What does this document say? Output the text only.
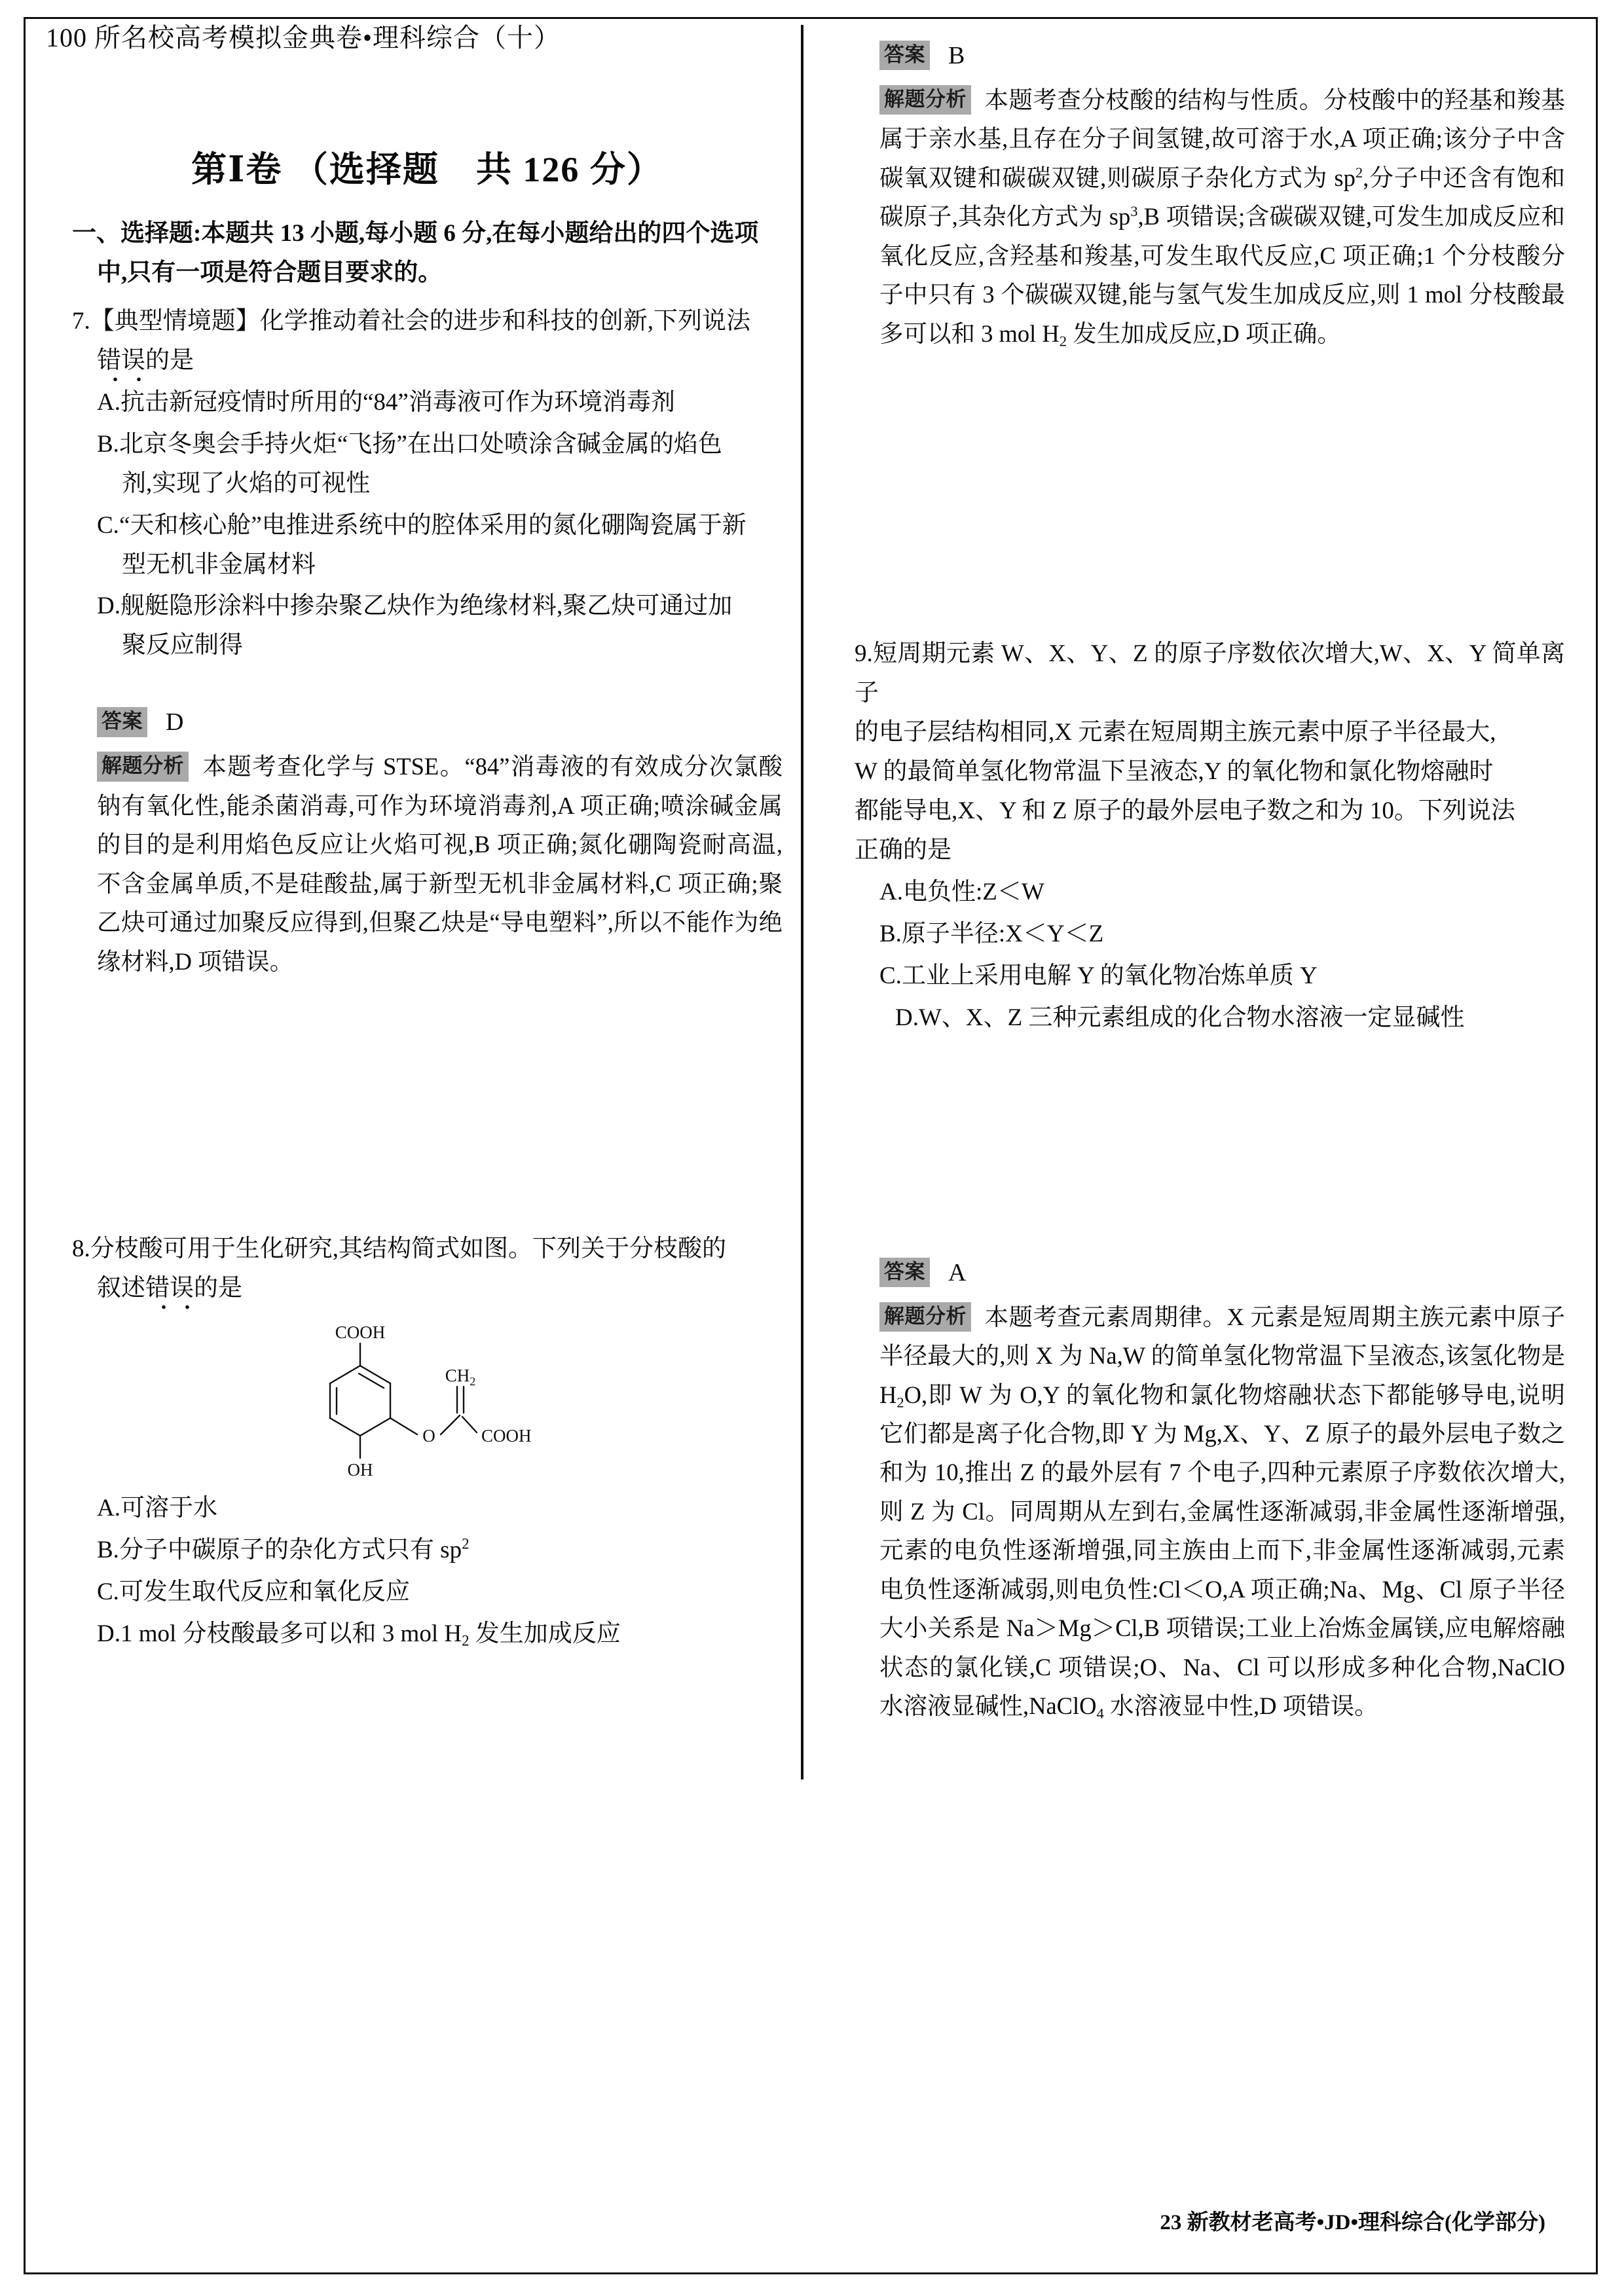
100 所名校高考模拟金典卷•理科综合（十）
第Ⅰ卷 （选择题　共 126 分）
一、选择题:本题共 13 小题,每小题 6 分,在每小题给出的四个选项
中,只有一项是符合题目要求的。
7.【典型情境题】化学推动着社会的进步和科技的创新,下列说法
错误的是
A.抗击新冠疫情时所用的“84”消毒液可作为环境消毒剂
B.北京冬奥会手持火炬“飞扬”在出口处喷涂含碱金属的焰色
剂,实现了火焰的可视性
C.“天和核心舱”电推进系统中的腔体采用的氮化硼陶瓷属于新
型无机非金属材料
D.舰艇隐形涂料中掺杂聚乙炔作为绝缘材料,聚乙炔可通过加
聚反应制得
答案 D
解题分析 本题考查化学与 STSE。“84”消毒液的有效成分次氯酸钠有氧化性,能杀菌消毒,可作为环境消毒剂,A 项正确;喷涂碱金属的目的是利用焰色反应让火焰可视,B 项正确;氮化硼陶瓷耐高温,不含金属单质,不是硅酸盐,属于新型无机非金属材料,C 项正确;聚乙炔可通过加聚反应得到,但聚乙炔是“导电塑料”,所以不能作为绝缘材料,D 项错误。
8.分枝酸可用于生化研究,其结构简式如图。下列关于分枝酸的
叙述错误的是
COOH
OH
O
$CH_2$
COOH
A.可溶于水
B.分子中碳原子的杂化方式只有 $sp^2$
C.可发生取代反应和氧化反应
D.1 mol 分枝酸最多可以和 3 mol $H_2$ 发生加成反应
答案 B
解题分析 本题考查分枝酸的结构与性质。分枝酸中的羟基和羧基属于亲水基,且存在分子间氢键,故可溶于水,A 项正确;该分子中含碳氧双键和碳碳双键,则碳原子杂化方式为 $sp^2$,分子中还含有饱和碳原子,其杂化方式为 $sp^3,B$ 项错误;含碳碳双键,可发生加成反应和氧化反应,含羟基和羧基,可发生取代反应,C 项正确;1 个分枝酸分子中只有 3 个碳碳双键,能与氢气发生加成反应,则 1 mol 分枝酸最多可以和 3 mol $H_2$ 发生加成反应,D 项正确。
9.短周期元素 W、X、Y、Z 的原子序数依次增大,W、X、Y 简单离子
的电子层结构相同,X 元素在短周期主族元素中原子半径最大,
W 的最简单氢化物常温下呈液态,Y 的氧化物和氯化物熔融时
都能导电,X、Y 和 Z 原子的最外层电子数之和为 10。下列说法
正确的是
A.电负性:Z＜W
B.原子半径:X＜Y＜Z
C.工业上采用电解 Y 的氧化物冶炼单质 Y
D.W、X、Z 三种元素组成的化合物水溶液一定显碱性
答案 A
解题分析 本题考查元素周期律。X 元素是短周期主族元素中原子半径最大的,则 X 为 Na,W 的简单氢化物常温下呈液态,该氢化物是 $H_2O$,即 W 为 O,Y 的氧化物和氯化物熔融状态下都能够导电,说明它们都是离子化合物,即 Y 为 Mg,X、Y、Z 原子的最外层电子数之和为 10,推出 Z 的最外层有 7 个电子,四种元素原子序数依次增大,则 Z 为 Cl。同周期从左到右,金属性逐渐减弱,非金属性逐渐增强,元素的电负性逐渐增强,同主族由上而下,非金属性逐渐减弱,元素电负性逐渐减弱,则电负性:Cl＜O,A 项正确;Na、Mg、Cl 原子半径大小关系是 Na＞Mg＞Cl,B 项错误;工业上冶炼金属镁,应电解熔融状态的氯化镁,C 项错误;O、Na、Cl 可以形成多种化合物,NaClO 水溶液显碱性,NaClO$_4$ 水溶液显中性,D 项错误。
23 新教材老高考•JD•理科综合(化学部分)
